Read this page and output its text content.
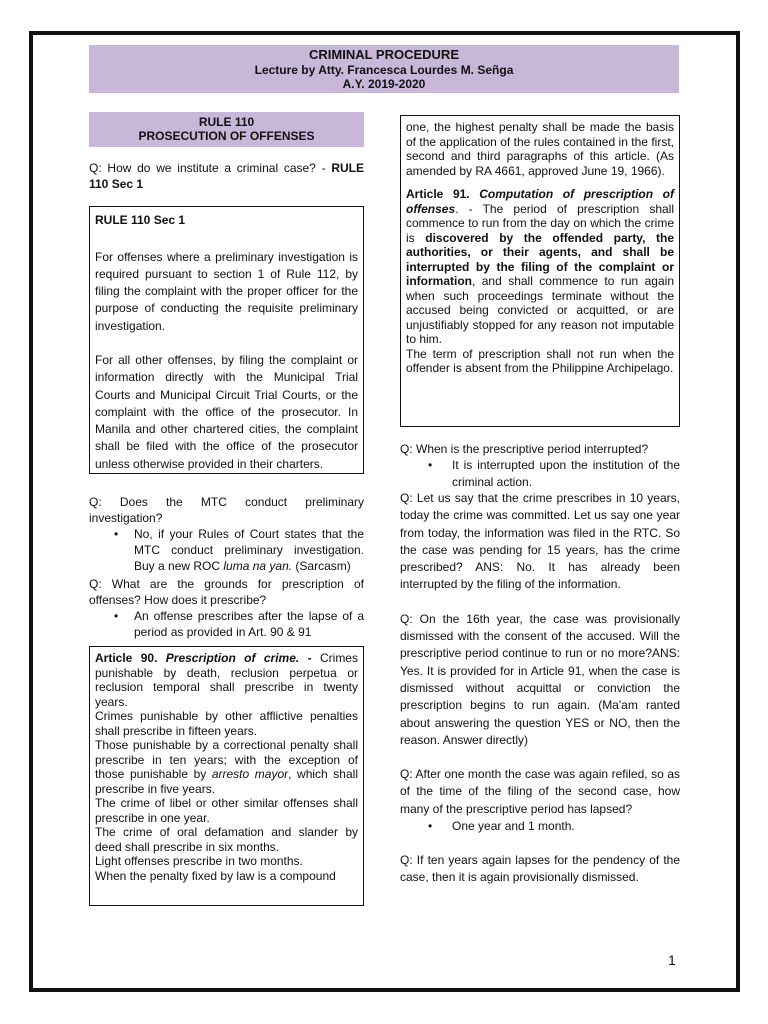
CRIMINAL PROCEDURE
Lecture by Atty. Francesca Lourdes M. Señga
A.Y. 2019-2020
RULE 110
PROSECUTION OF OFFENSES

Q: How do we institute a criminal case? - RULE 110 Sec 1

RULE 110 Sec 1

For offenses where a preliminary investigation is required pursuant to section 1 of Rule 112, by filing the complaint with the proper officer for the purpose of conducting the requisite preliminary investigation.

For all other offenses, by filing the complaint or information directly with the Municipal Trial Courts and Municipal Circuit Trial Courts, or the complaint with the office of the prosecutor. In Manila and other chartered cities, the complaint shall be filed with the office of the prosecutor unless otherwise provided in their charters.

Q: Does the MTC conduct preliminary investigation?

• No, if your Rules of Court states that the MTC conduct preliminary investigation. Buy a new ROC luma na yan. (Sarcasm)

Q: What are the grounds for prescription of offenses? How does it prescribe?

• An offense prescribes after the lapse of a period as provided in Art. 90 & 91

Article 90. Prescription of crime. - Crimes punishable by death, reclusion perpetua or reclusion temporal shall prescribe in twenty years.

Crimes punishable by other afflictive penalties shall prescribe in fifteen years.

Those punishable by a correctional penalty shall prescribe in ten years; with the exception of those punishable by arresto mayor, which shall prescribe in five years.

The crime of libel or other similar offenses shall prescribe in one year.

The crime of oral defamation and slander by deed shall prescribe in six months.

Light offenses prescribe in two months.

When the penalty fixed by law is a compound

one, the highest penalty shall be made the basis of the application of the rules contained in the first, second and third paragraphs of this article. (As amended by RA 4661, approved June 19, 1966).

Article 91. Computation of prescription of offenses. - The period of prescription shall commence to run from the day on which the crime is discovered by the offended party, the authorities, or their agents, and shall be interrupted by the filing of the complaint or information, and shall commence to run again when such proceedings terminate without the accused being convicted or acquitted, or are unjustifiably stopped for any reason not imputable to him.

The term of prescription shall not run when the offender is absent from the Philippine Archipelago.

Q: When is the prescriptive period interrupted?

• It is interrupted upon the institution of the criminal action.

Q: Let us say that the crime prescribes in 10 years, today the crime was committed. Let us say one year from today, the information was filed in the RTC. So the case was pending for 15 years, has the crime prescribed? ANS: No. It has already been interrupted by the filing of the information.

Q: On the 16th year, the case was provisionally dismissed with the consent of the accused. Will the prescriptive period continue to run or no more?ANS: Yes. It is provided for in Article 91, when the case is dismissed without acquittal or conviction the prescription begins to run again. (Ma'am ranted about answering the question YES or NO, then the reason. Answer directly)

Q: After one month the case was again refiled, so as of the time of the filing of the second case, how many of the prescriptive period has lapsed?

• One year and 1 month.

Q: If ten years again lapses for the pendency of the case, then it is again provisionally dismissed.

1
